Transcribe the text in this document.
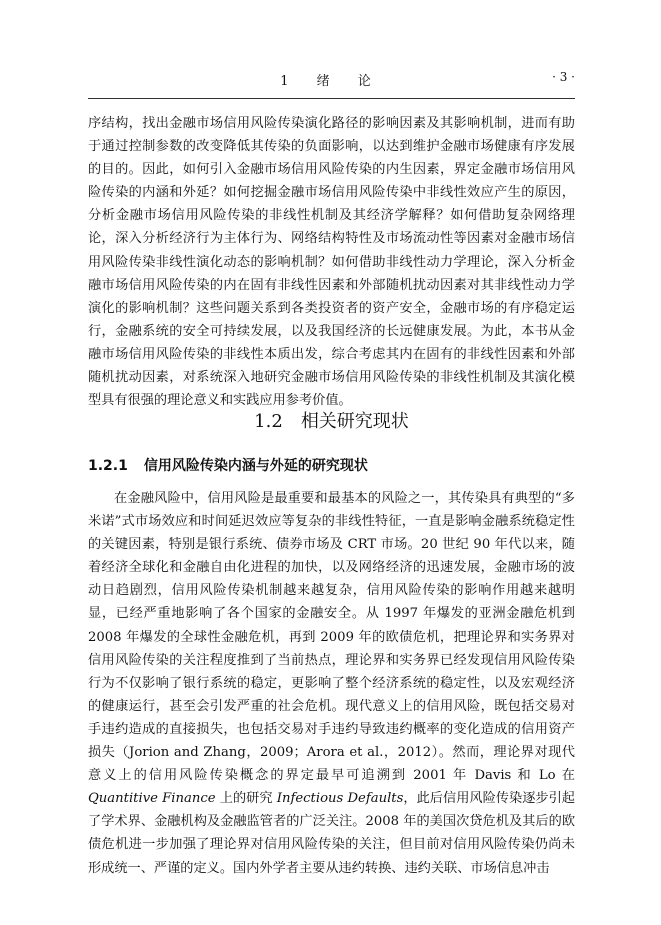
1 绪 论	· 3 ·
序结构，找出金融市场信用风险传染演化路径的影响因素及其影响机制，进而有助于通过控制参数的改变降低其传染的负面影响，以达到维护金融市场健康有序发展的目的。因此，如何引入金融市场信用风险传染的内生因素，界定金融市场信用风险传染的内涵和外延？如何挖掘金融市场信用风险传染中非线性效应产生的原因，分析金融市场信用风险传染的非线性机制及其经济学解释？如何借助复杂网络理论，深入分析经济行为主体行为、网络结构特性及市场流动性等因素对金融市场信用风险传染非线性演化动态的影响机制？如何借助非线性动力学理论，深入分析金融市场信用风险传染的内在固有非线性因素和外部随机扰动因素对其非线性动力学演化的影响机制？这些问题关系到各类投资者的资产安全，金融市场的有序稳定运行，金融系统的安全可持续发展，以及我国经济的长远健康发展。为此，本书从金融市场信用风险传染的非线性本质出发，综合考虑其内在固有的非线性因素和外部随机扰动因素，对系统深入地研究金融市场信用风险传染的非线性机制及其演化模型具有很强的理论意义和实践应用参考价值。
1.2 相关研究现状
1.2.1 信用风险传染内涵与外延的研究现状
在金融风险中，信用风险是最重要和最基本的风险之一，其传染具有典型的“多米诺”式市场效应和时间延迟效应等复杂的非线性特征，一直是影响金融系统稳定性的关键因素，特别是银行系统、债券市场及 CRT 市场。20 世纪 90 年代以来，随着经济全球化和金融自由化进程的加快，以及网络经济的迅速发展，金融市场的波动日趋剧烈，信用风险传染机制越来越复杂，信用风险传染的影响作用越来越明显，已经严重地影响了各个国家的金融安全。从 1997 年爆发的亚洲金融危机到 2008 年爆发的全球性金融危机，再到 2009 年的欧债危机，把理论界和实务界对信用风险传染的关注程度推到了当前热点，理论界和实务界已经发现信用风险传染行为不仅影响了银行系统的稳定，更影响了整个经济系统的稳定性，以及宏观经济的健康运行，甚至会引发严重的社会危机。现代意义上的信用风险，既包括交易对手违约造成的直接损失，也包括交易对手违约导致违约概率的变化造成的信用资产损失（Jorion and Zhang，2009；Arora et al.，2012）。然而，理论界对现代意义上的信用风险传染概念的界定最早可追溯到 2001 年 Davis 和 Lo 在 Quantitive Finance 上的研究 Infectious Defaults，此后信用风险传染逐步引起了学术界、金融机构及金融监管者的广泛关注。2008 年的美国次贷危机及其后的欧债危机进一步加强了理论界对信用风险传染的关注，但目前对信用风险传染仍尚未形成统一、严谨的定义。国内外学者主要从违约转换、违约关联、市场信息冲击
